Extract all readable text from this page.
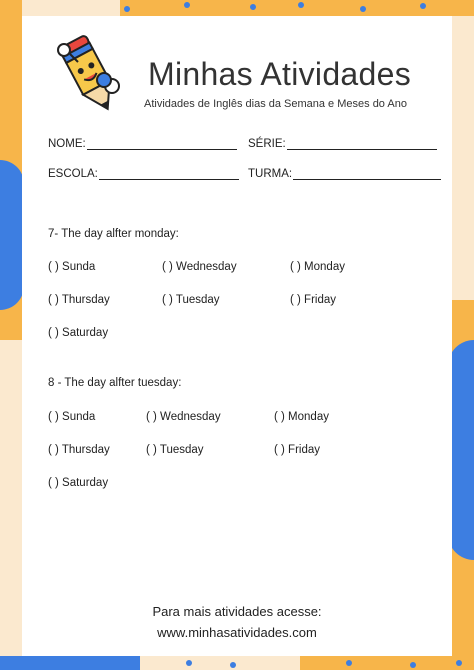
Minhas Atividades
Atividades de Inglês dias da Semana e Meses do Ano
NOME:	SÉRIE:
ESCOLA:	TURMA:
7- The day alfter monday:
( ) Sunda	( ) Wednesday	( ) Monday
( ) Thursday	( ) Tuesday	( ) Friday
( ) Saturday
8 - The day alfter tuesday:
( ) Sunda	( ) Wednesday	( ) Monday
( ) Thursday	( ) Tuesday	( ) Friday
( ) Saturday
Para mais atividades acesse:
www.minhasatividades.com
